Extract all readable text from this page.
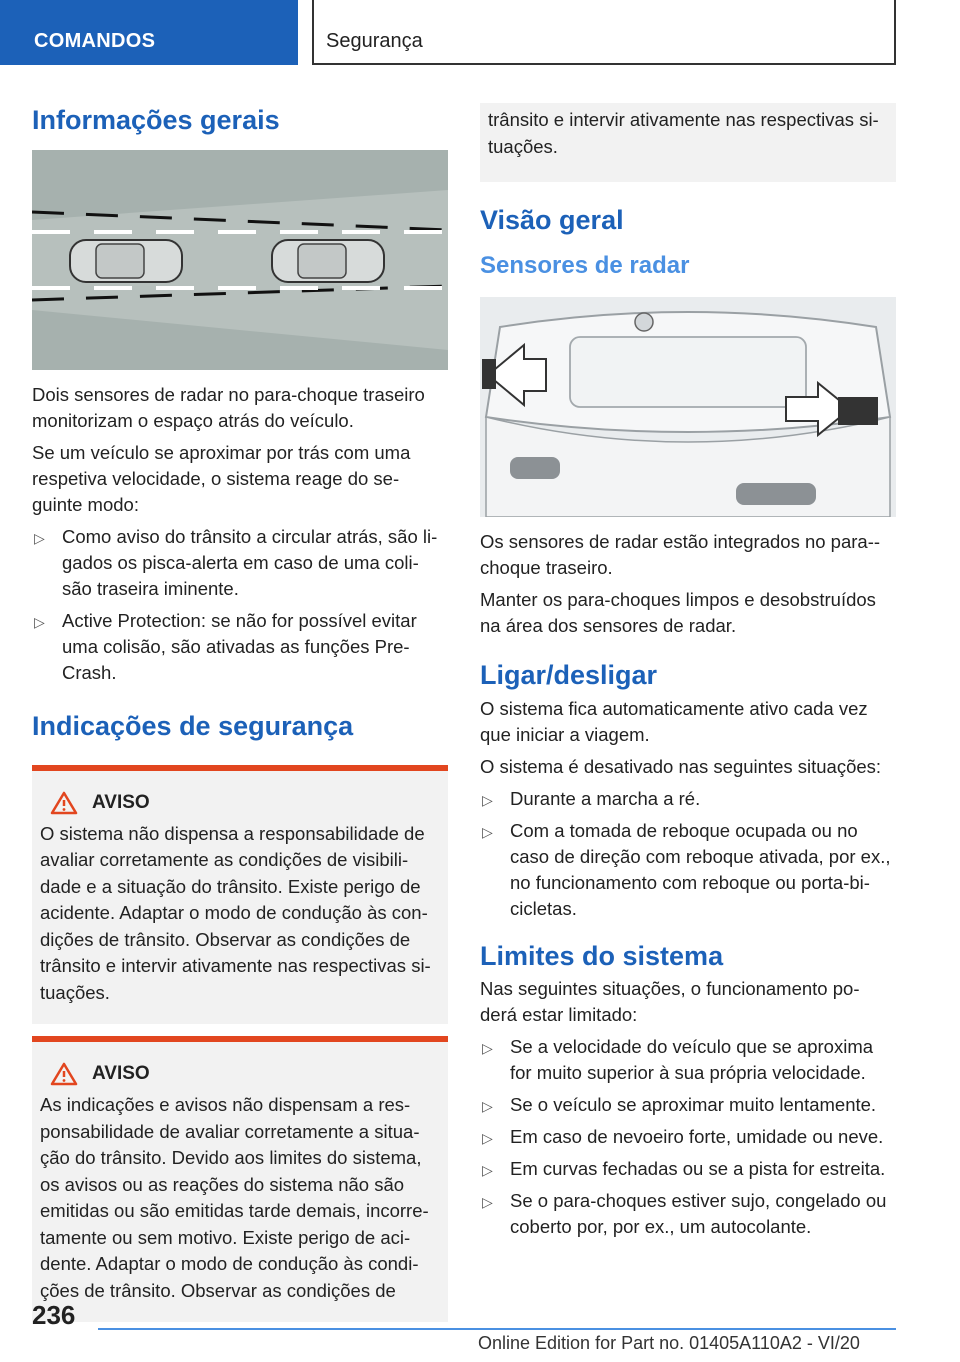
COMANDOS	Segurança
Informações gerais

Dois sensores de radar no para-choque traseiro monitorizam o espaço atrás do veículo.

Se um veículo se aproximar por trás com uma respetiva velocidade, o sistema reage do se-guinte modo:

▷ Como aviso do trânsito a circular atrás, são li-gados os pisca-alerta em caso de uma coli-são traseira iminente.
▷ Active Protection: se não for possível evitar uma colisão, são ativadas as funções Pre-Crash.
Indicações de segurança
AVISO

O sistema não dispensa a responsabilidade de avaliar corretamente as condições de visibili-dade e a situação do trânsito. Existe perigo de acidente. Adaptar o modo de condução às con-dições de trânsito. Observar as condições de trânsito e intervir ativamente nas respectivas si-tuações.

AVISO

As indicações e avisos não dispensam a res-ponsabilidade de avaliar corretamente a situa-ção do trânsito. Devido aos limites do sistema, os avisos ou as reações do sistema não são emitidas ou são emitidas tarde demais, incorre-tamente ou sem motivo. Existe perigo de aci-dente. Adaptar o modo de condução às condi-ções de trânsito. Observar as condições de

trânsito e intervir ativamente nas respectivas si-tuações.

Visão geral
Sensores de radar

Os sensores de radar estão integrados no para--choque traseiro.

Manter os para-choques limpos e desobstruídos na área dos sensores de radar.

Ligar/desligar

O sistema fica automaticamente ativo cada vez que iniciar a viagem.

O sistema é desativado nas seguintes situações:

▷ Durante a marcha a ré.
▷ Com a tomada de reboque ocupada ou no caso de direção com reboque ativada, por ex., no funcionamento com reboque ou porta-bi-cicletas.
Limites do sistema

Nas seguintes situações, o funcionamento po-derá estar limitado:

▷ Se a velocidade do veículo que se aproxima for muito superior à sua própria velocidade.
▷ Se o veículo se aproximar muito lentamente.
▷ Em caso de nevoeiro forte, umidade ou neve.
▷ Em curvas fechadas ou se a pista for estreita.
▷ Se o para-choques estiver sujo, congelado ou coberto por, por ex., um autocolante.
236
Online Edition for Part no. 01405A110A2 - VI/20
